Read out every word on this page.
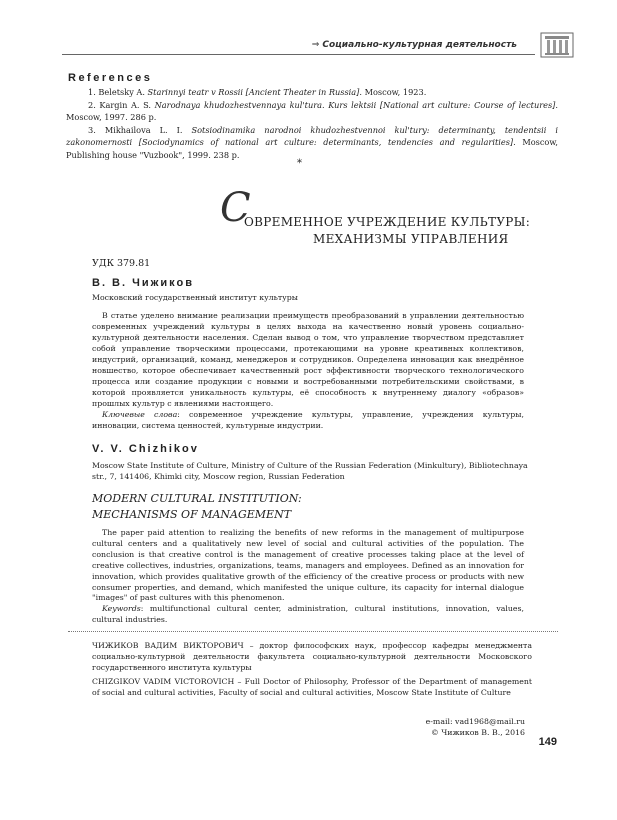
⇒ Социально-культурная деятельность
References

1. Beletsky A. Starinnyi teatr v Rossii [Ancient Theater in Russia]. Moscow, 1923.

2. Kargin A. S. Narodnaya khudozhestvennaya kul'tura. Kurs lektsii [National art culture: Course of lectures]. Moscow, 1997. 286 p.

3. Mikhailova L. I. Sotsiodinamika narodnoi khudozhestvennoi kul'tury: determinanty, tendentsii i zakonomernosti [Sociodynamics of national art culture: determinants, tendencies and regularities]. Moscow, Publishing house "Vuzbook", 1999. 238 p.

*
С
ОВРЕМЕННОЕ УЧРЕЖДЕНИЕ КУЛЬТУРЫ:
МЕХАНИЗМЫ УПРАВЛЕНИЯ
УДК 379.81
В. В. Чижиков
Московский государственный институт культуры

В статье уделено внимание реализации преимуществ преобразований в управлении деятельностью современных учреждений культуры в целях выхода на качественно новый уровень социально-культурной деятельности населения. Сделан вывод о том, что управление творчеством представляет собой управление творческими процессами, протекающими на уровне креативных коллективов, индустрий, организаций, команд, менеджеров и сотрудников. Определена инновация как внедрённое новшество, которое обеспечивает качественный рост эффективности творческого технологического процесса или создание продукции с новыми и востребованными потребительскими свойствами, в которой проявляется уникальность культуры, её способность к внутреннему диалогу «образов» прошлых культур с явлениями настоящего.

Ключевые слова: современное учреждение культуры, управление, учреждения культуры, инновации, система ценностей, культурные индустрии.

V. V. Chizhikov
Moscow State Institute of Culture, Ministry of Culture of the Russian Federation (Minkultury), Bibliotechnaya str., 7, 141406, Khimki city, Moscow region, Russian Federation
MODERN CULTURAL INSTITUTION:
MECHANISMS OF MANAGEMENT

The paper paid attention to realizing the benefits of new reforms in the management of multipurpose cultural centers and a qualitatively new level of social and cultural activities of the population. The conclusion is that creative control is the management of creative processes taking place at the level of creative collectives, industries, organizations, teams, managers and employees. Defined as an innovation for innovation, which provides qualitative growth of the efficiency of the creative process or products with new consumer properties, and demand, which manifested the unique culture, its capacity for internal dialogue "images" of past cultures with this phenomenon.

Keywords: multifunctional cultural center, administration, cultural institutions, innovation, values, cultural industries.

ЧИЖИКОВ ВАДИМ ВИКТОРОВИЧ – доктор философских наук, профессор кафедры менеджмента социально-культурной деятельности факультета социально-культурной деятельности Московского государственного института культуры
CHIZGIKOV VADIM VICTOROVICH – Full Doctor of Philosophy, Professor of the Department of management of social and cultural activities, Faculty of social and cultural activities, Moscow State Institute of Culture
e-mail: vad1968@mail.ru
© Чижиков В. В., 2016
149
